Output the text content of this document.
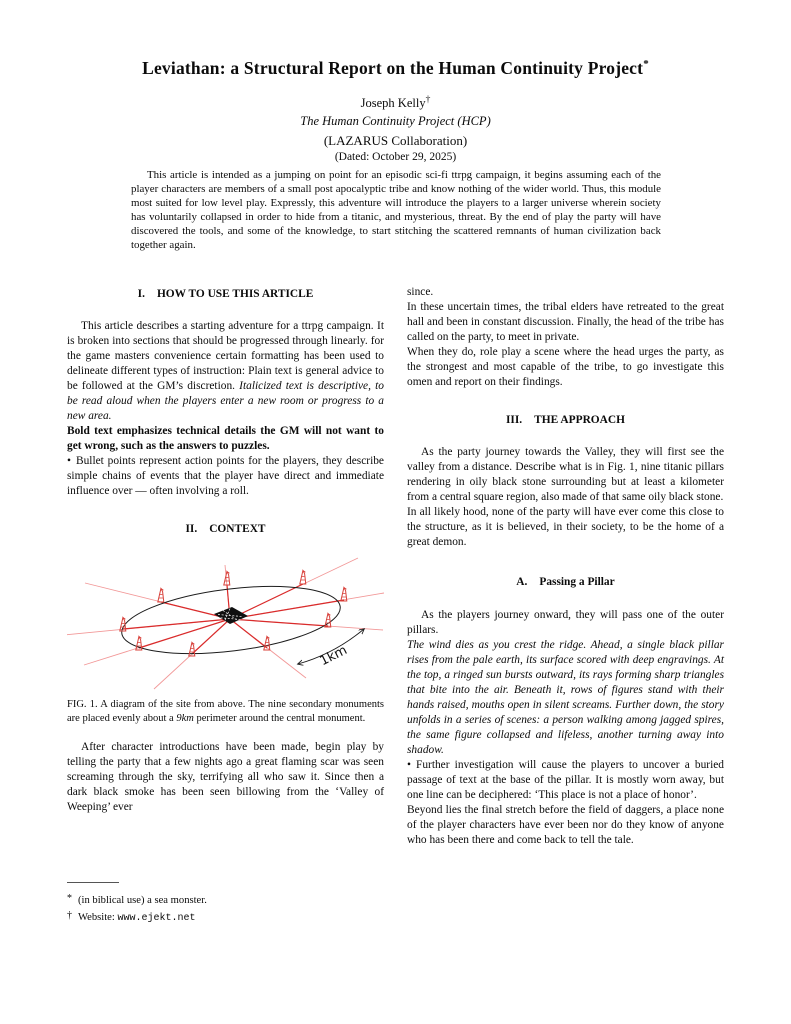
Leviathan: a Structural Report on the Human Continuity Project*
Joseph Kelly†
The Human Continuity Project (HCP)
(LAZARUS Collaboration)
(Dated: October 29, 2025)
This article is intended as a jumping on point for an episodic sci-fi ttrpg campaign, it begins assuming each of the player characters are members of a small post apocalyptic tribe and know nothing of the wider world. Thus, this module most suited for low level play. Expressly, this adventure will introduce the players to a larger universe wherein society has voluntarily collapsed in order to hide from a titanic, and mysterious, threat. By the end of play the party will have discovered the tools, and some of the knowledge, to start stitching the scattered remnants of human civilization back together again.

I. HOW TO USE THIS ARTICLE

This article describes a starting adventure for a ttrpg campaign. It is broken into sections that should be progressed through linearly. for the game masters convenience certain formatting has been used to delineate different types of instruction: Plain text is general advice to be followed at the GM’s discretion. Italicized text is descriptive, to be read aloud when the players enter a new room or progress to a new area.

Bold text emphasizes technical details the GM will not want to get wrong, such as the answers to puzzles.

• Bullet points represent action points for the players, they describe simple chains of events that the player have direct and immediate influence over — often involving a roll.

II. CONTEXT

1km

FIG. 1. A diagram of the site from above. The nine secondary monuments are placed evenly about a 9km perimeter around the central monument.

After character introductions have been made, begin play by telling the party that a few nights ago a great flaming scar was seen screaming through the sky, terrifying all who saw it. Since then a dark black smoke has been seen billowing from the ‘Valley of Weeping’ ever

since.

In these uncertain times, the tribal elders have retreated to the great hall and been in constant discussion. Finally, the head of the tribe has called on the party, to meet in private.

When they do, role play a scene where the head urges the party, as the strongest and most capable of the tribe, to go investigate this omen and report on their findings.

III. THE APPROACH

As the party journey towards the Valley, they will first see the valley from a distance. Describe what is in Fig. 1, nine titanic pillars rendering in oily black stone surrounding but at least a kilometer from a central square region, also made of that same oily black stone.

In all likely hood, none of the party will have ever come this close to the structure, as it is believed, in their society, to be the home of a great demon.

A. Passing a Pillar

As the players journey onward, they will pass one of the outer pillars.

The wind dies as you crest the ridge. Ahead, a single black pillar rises from the pale earth, its surface scored with deep engravings. At the top, a ringed sun bursts outward, its rays forming sharp triangles that bite into the air. Beneath it, rows of figures stand with their hands raised, mouths open in silent screams. Further down, the story unfolds in a series of scenes: a person walking among jagged spires, the same figure collapsed and lifeless, another turning away into shadow.

• Further investigation will cause the players to uncover a buried passage of text at the base of the pillar. It is mostly worn away, but one line can be deciphered: ‘This place is not a place of honor’.

Beyond lies the final stretch before the field of daggers, a place none of the player characters have ever been nor do they know of anyone who has been there and come back to tell the tale.

* (in biblical use) a sea monster.

† Website: www.ejekt.net
